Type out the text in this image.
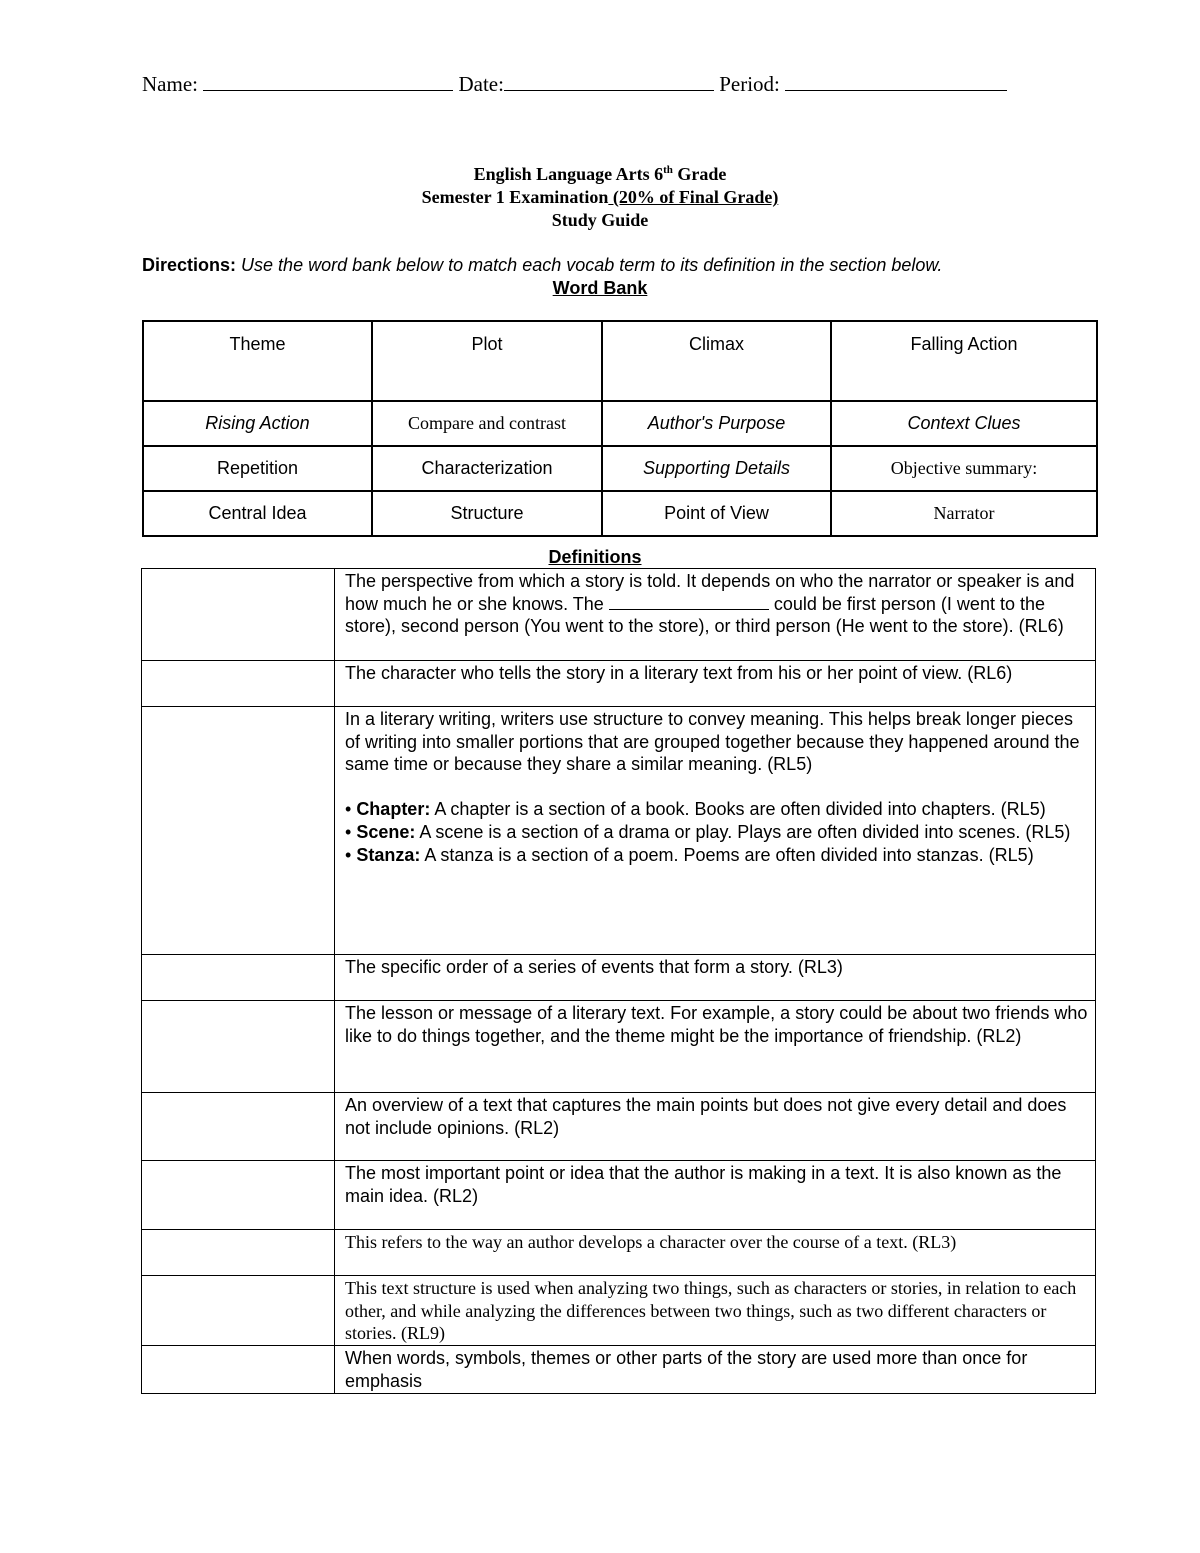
Name:	Date:	Period:
English Language Arts 6th Grade
Semester 1 Examination (20% of Final Grade)
Study Guide
Directions: Use the word bank below to match each vocab term to its definition in the section below.
Word Bank
Theme	Plot	Climax	Falling Action
Rising Action	Compare and contrast	Author's Purpose	Context Clues
Repetition	Characterization	Supporting Details	Objective summary:
Central Idea	Structure	Point of View	Narrator
Definitions
	The perspective from which a story is told. It depends on who the narrator or speaker is and how much he or she knows. The could be first person (I went to the store), second person (You went to the store), or third person (He went to the store). (RL6)
	The character who tells the story in a literary text from his or her point of view. (RL6)

	In a literary writing, writers use structure to convey meaning. This helps break longer pieces of writing into smaller portions that are grouped together because they happened around the same time or because they share a similar meaning. (RL5)
• Chapter: A chapter is a section of a book. Books are often divided into chapters. (RL5)
• Scene: A scene is a section of a drama or play. Plays are often divided into scenes. (RL5)
• Stanza: A stanza is a section of a poem. Poems are often divided into stanzas. (RL5)

	The specific order of a series of events that form a story. (RL3)
	The lesson or message of a literary text. For example, a story could be about two friends who like to do things together, and the theme might be the importance of friendship. (RL2)
	An overview of a text that captures the main points but does not give every detail and does not include opinions. (RL2)
	The most important point or idea that the author is making in a text. It is also known as the main idea. (RL2)
	This refers to the way an author develops a character over the course of a text. (RL3)
	This text structure is used when analyzing two things, such as characters or stories, in relation to each other, and while analyzing the differences between two things, such as two different characters or stories. (RL9)
	When words, symbols, themes or other parts of the story are used more than once for emphasis
